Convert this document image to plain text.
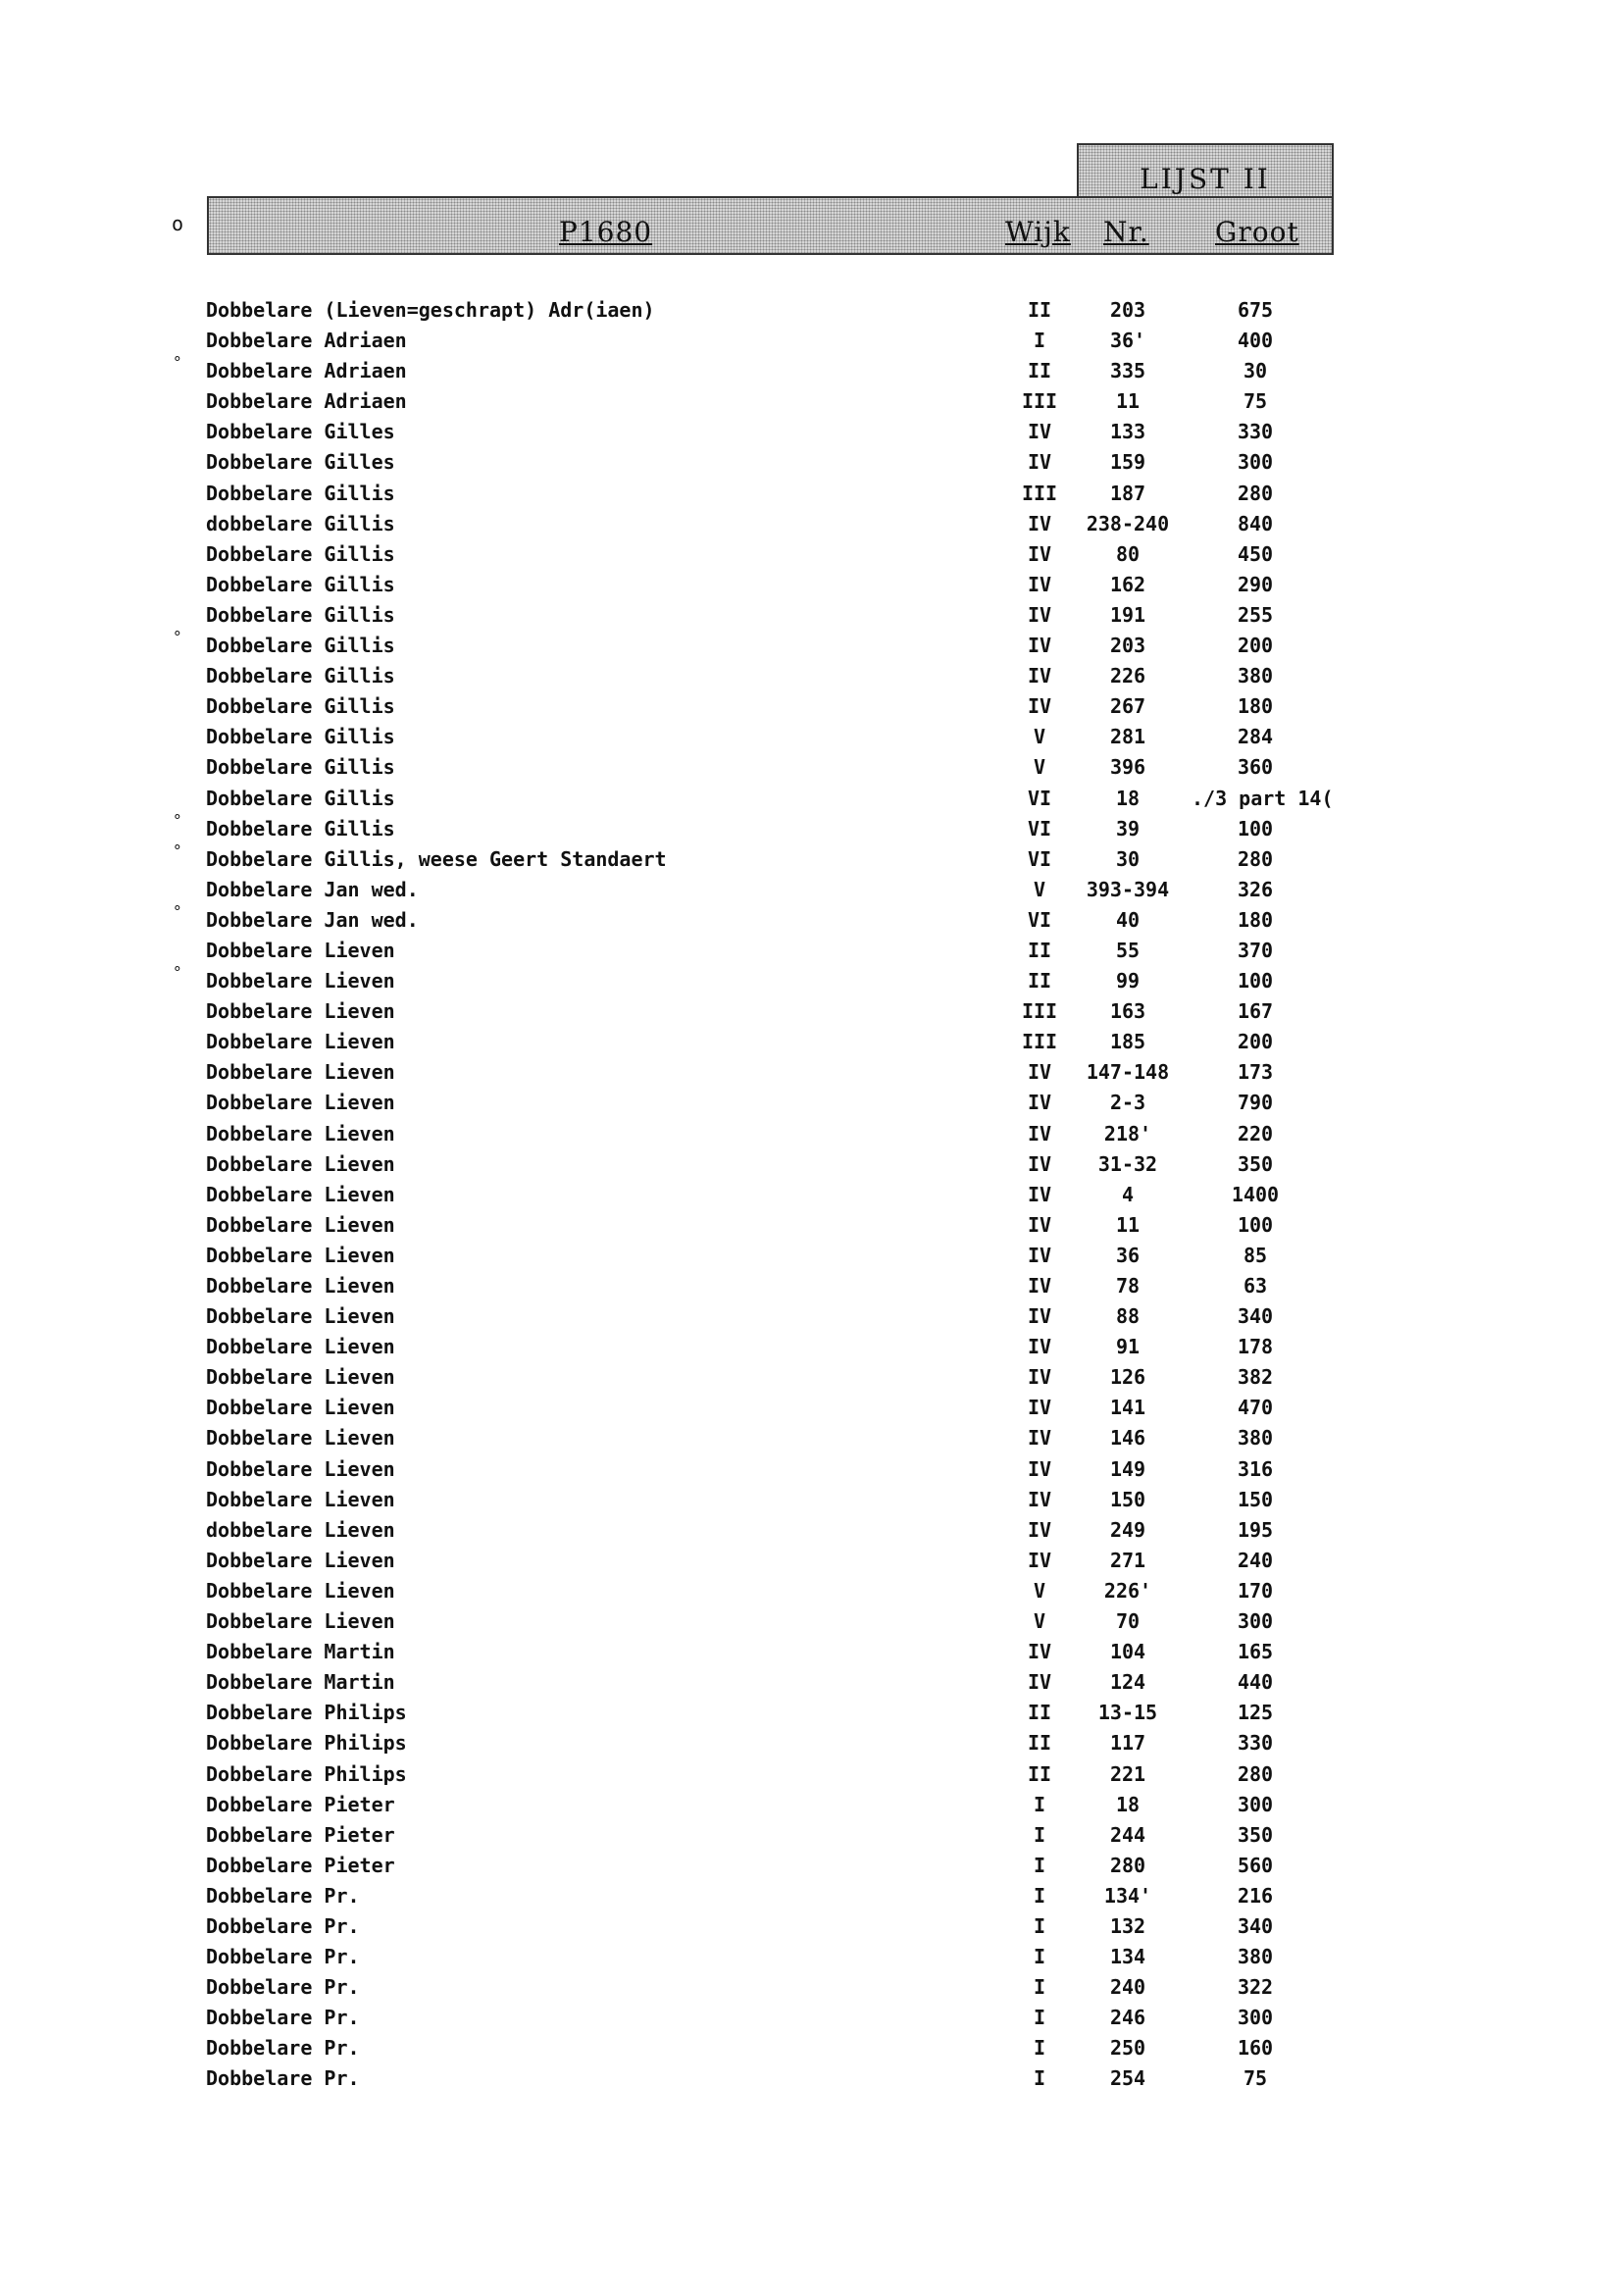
LIJST II
o	P1680	Wijk Nr. Groot
Dobbelare (Lieven=geschrapt) Adr(iaen)	II	203	675
Dobbelare Adriaen	I	36'	400
° Dobbelare Adriaen	II	335	30
Dobbelare Adriaen	III	11	75
Dobbelare Gilles	IV	133	330
Dobbelare Gilles	IV	159	300
Dobbelare Gillis	III	187	280
dobbelare Gillis	IV	238-240	840
Dobbelare Gillis	IV	80	450
Dobbelare Gillis	IV	162	290
Dobbelare Gillis	IV	191	255
° Dobbelare Gillis	IV	203	200
Dobbelare Gillis	IV	226	380
Dobbelare Gillis	IV	267	180
Dobbelare Gillis	V	281	284
Dobbelare Gillis	V	396	360
Dobbelare Gillis	VI	18	./3 part 14(
° Dobbelare Gillis	VI	39	100
° Dobbelare Gillis, weese Geert Standaert	VI	30	280
Dobbelare Jan wed.	V	393-394	326
° Dobbelare Jan wed.	VI	40	180
Dobbelare Lieven	II	55	370
° Dobbelare Lieven	II	99	100
Dobbelare Lieven	III	163	167
Dobbelare Lieven	III	185	200
Dobbelare Lieven	IV	147-148	173
Dobbelare Lieven	IV	2-3	790
Dobbelare Lieven	IV	218'	220
Dobbelare Lieven	IV	31-32	350
Dobbelare Lieven	IV	4	1400
Dobbelare Lieven	IV	11	100
Dobbelare Lieven	IV	36	85
Dobbelare Lieven	IV	78	63
Dobbelare Lieven	IV	88	340
Dobbelare Lieven	IV	91	178
Dobbelare Lieven	IV	126	382
Dobbelare Lieven	IV	141	470
Dobbelare Lieven	IV	146	380
Dobbelare Lieven	IV	149	316
Dobbelare Lieven	IV	150	150
dobbelare Lieven	IV	249	195
Dobbelare Lieven	IV	271	240
Dobbelare Lieven	V	226'	170
Dobbelare Lieven	V	70	300
Dobbelare Martin	IV	104	165
Dobbelare Martin	IV	124	440
Dobbelare Philips	II	13-15	125
Dobbelare Philips	II	117	330
Dobbelare Philips	II	221	280
Dobbelare Pieter	I	18	300
Dobbelare Pieter	I	244	350
Dobbelare Pieter	I	280	560
Dobbelare Pr.	I	134'	216
Dobbelare Pr.	I	132	340
Dobbelare Pr.	I	134	380
Dobbelare Pr.	I	240	322
Dobbelare Pr.	I	246	300
Dobbelare Pr.	I	250	160
Dobbelare Pr.	I	254	75
